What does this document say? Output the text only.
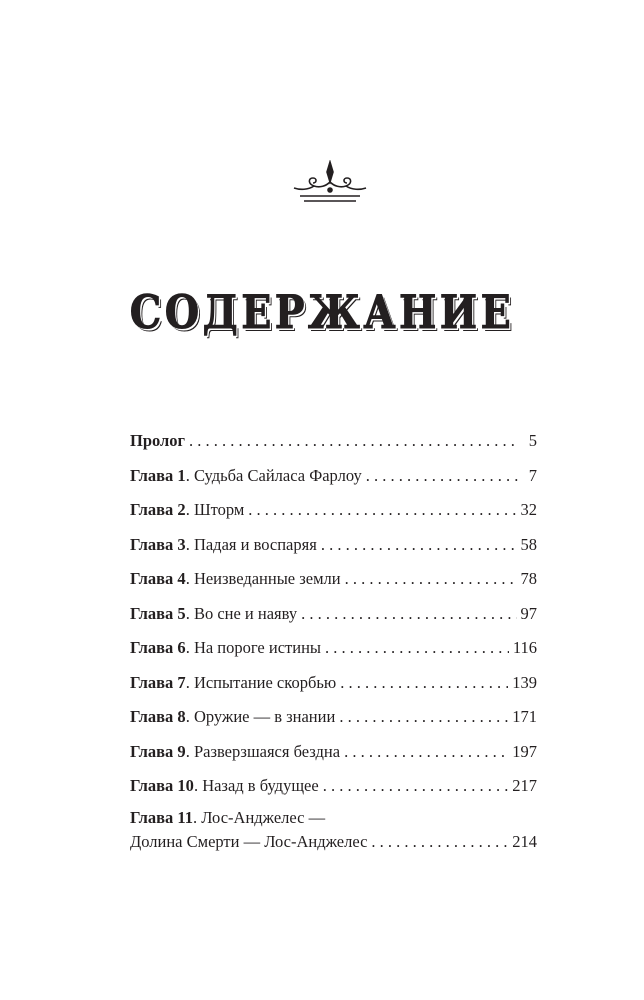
СОДЕРЖАНИЕ
Пролог . . .	5
Глава 1. Судьба Сайласа Фарлоу . . .	7
Глава 2. Шторм . . .	32
Глава 3. Падая и воспаряя . . .	58
Глава 4. Неизведанные земли . . .	78
Глава 5. Во сне и наяву . . .	97
Глава 6. На пороге истины . . .	116
Глава 7. Испытание скорбью . . .	139
Глава 8. Оружие — в знании . . .	171
Глава 9. Разверзшаяся бездна . . .	197
Глава 10. Назад в будущее . . .	217
Глава 11. Лос-Анджелес —
Долина Смерти — Лос-Анджелес . . .	214
